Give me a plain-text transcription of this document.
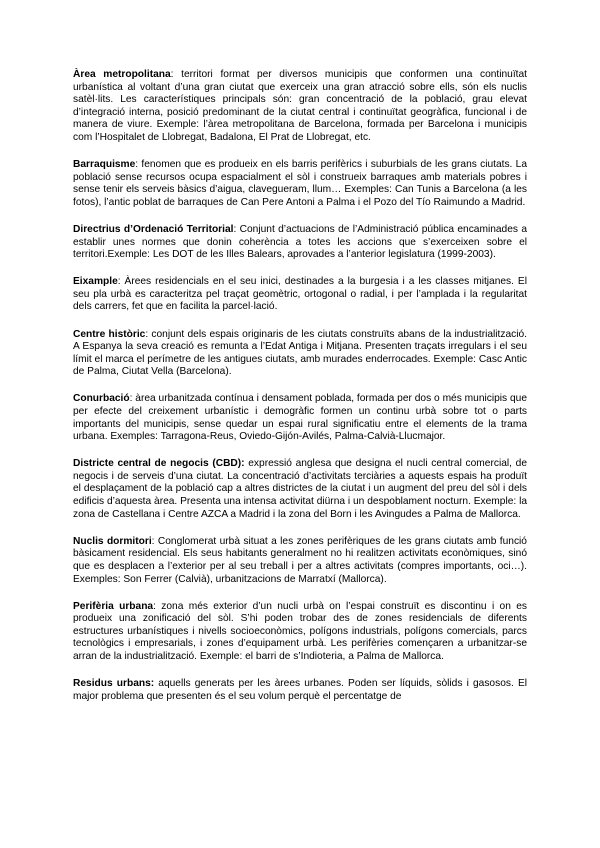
Àrea metropolitana: territori format per diversos municipis que conformen una continuïtat urbanística al voltant d’una gran ciutat que exerceix una gran atracció sobre ells, són els nuclis satèl·lits. Les característiques principals són: gran concentració de la població, grau elevat d’integració interna, posició predominant de la ciutat central i continuïtat geogràfica, funcional i de manera de viure. Exemple: l’àrea metropolitana de Barcelona, formada per Barcelona i municipis com l’Hospitalet de Llobregat, Badalona, El Prat de Llobregat, etc.

Barraquisme: fenomen que es produeix en els barris perifèrics i suburbials de les grans ciutats. La població sense recursos ocupa espacialment el sòl i construeix barraques amb materials pobres i sense tenir els serveis bàsics d’aigua, clavegueram, llum… Exemples: Can Tunis a Barcelona (a les fotos), l’antic poblat de barraques de Can Pere Antoni a Palma i el Pozo del Tío Raimundo a Madrid.

Directrius d’Ordenació Territorial: Conjunt d’actuacions de l’Administració pública encaminades a establir unes normes que donin coherència a totes les accions que s’exerceixen sobre el territori.Exemple: Les DOT de les Illes Balears, aprovades a l’anterior legislatura (1999-2003).

Eixample: Àrees residencials en el seu inici, destinades a la burgesia i a les classes mitjanes. El seu pla urbà es caracteritza pel traçat geomètric, ortogonal o radial, i per l’amplada i la regularitat dels carrers, fet que en facilita la parcel·lació.

Centre històric: conjunt dels espais originaris de les ciutats construïts abans de la industrialització. A Espanya la seva creació es remunta a l’Edat Antiga i Mitjana. Presenten traçats irregulars i el seu límit el marca el perímetre de les antigues ciutats, amb murades enderrocades. Exemple: Casc Antic de Palma, Ciutat Vella (Barcelona).

Conurbació: àrea urbanitzada contínua i densament poblada, formada per dos o més municipis que per efecte del creixement urbanístic i demogràfic formen un continu urbà sobre tot o parts importants del municipis, sense quedar un espai rural significatiu entre el elements de la trama urbana. Exemples: Tarragona-Reus, Oviedo-Gijón-Avilés, Palma-Calvià-Llucmajor.

Districte central de negocis (CBD): expressió anglesa que designa el nucli central comercial, de negocis i de serveis d’una ciutat. La concentració d’activitats terciàries a aquests espais ha produït el desplaçament de la població cap a altres districtes de la ciutat i un augment del preu del sòl i dels edificis d’aquesta àrea. Presenta una intensa activitat diürna i un despoblament nocturn. Exemple: la zona de Castellana i Centre AZCA a Madrid i la zona del Born i les Avingudes a Palma de Mallorca.

Nuclis dormitori: Conglomerat urbà situat a les zones perifèriques de les grans ciutats amb funció bàsicament residencial. Els seus habitants generalment no hi realitzen activitats econòmiques, sinó que es desplacen a l’exterior per al seu treball i per a altres activitats (compres importants, oci…). Exemples: Son Ferrer (Calvià), urbanitzacions de Marratxí (Mallorca).

Perifèria urbana: zona més exterior d’un nucli urbà on l’espai construït es discontinu i on es produeix una zonificació del sòl. S’hi poden trobar des de zones residencials de diferents estructures urbanístiques i nivells socioeconòmics, polígons industrials, polígons comercials, parcs tecnològics i empresarials, i zones d’equipament urbà. Les perifèries començaren a urbanitzar-se arran de la industrialització. Exemple: el barri de s’Indioteria, a Palma de Mallorca.

Residus urbans: aquells generats per les àrees urbanes. Poden ser líquids, sòlids i gasosos. El major problema que presenten és el seu volum perquè el percentatge de
